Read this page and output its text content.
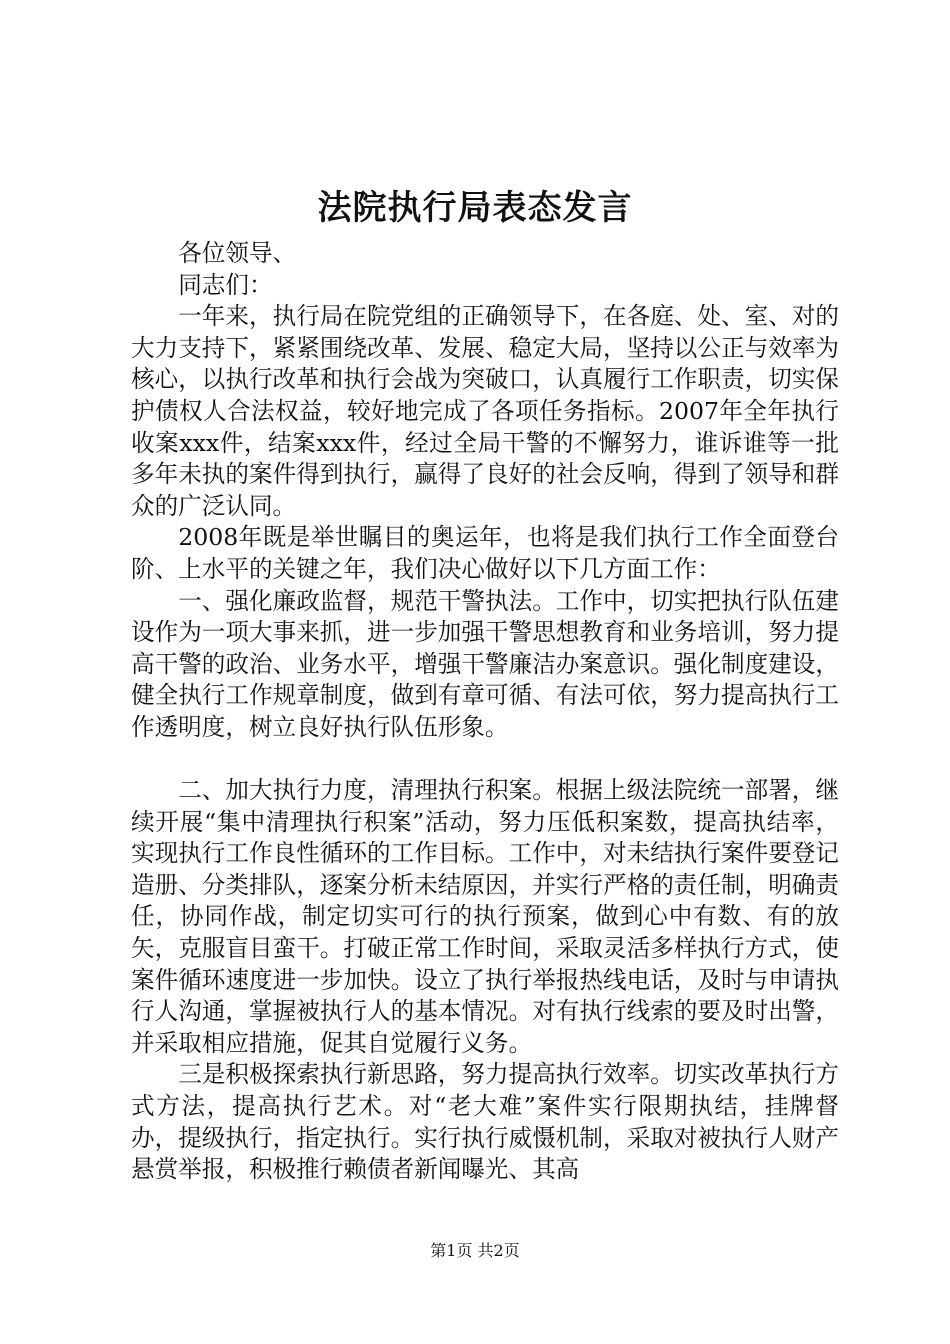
法院执行局表态发言

各位领导、

同志们：

一年来，执行局在院党组的正确领导下，在各庭、处、室、对的大力支持下，紧紧围绕改革、发展、稳定大局，坚持以公正与效率为核心，以执行改革和执行会战为突破口，认真履行工作职责，切实保护债权人合法权益，较好地完成了各项任务指标。2007年全年执行收案xxx件，结案xxx件，经过全局干警的不懈努力，谁诉谁等一批多年未执的案件得到执行，赢得了良好的社会反响，得到了领导和群众的广泛认同。

2008年既是举世瞩目的奥运年，也将是我们执行工作全面登台阶、上水平的关键之年，我们决心做好以下几方面工作：

一、强化廉政监督，规范干警执法。工作中，切实把执行队伍建设作为一项大事来抓，进一步加强干警思想教育和业务培训，努力提高干警的政治、业务水平，增强干警廉洁办案意识。强化制度建设，健全执行工作规章制度，做到有章可循、有法可依，努力提高执行工作透明度，树立良好执行队伍形象。

二、加大执行力度，清理执行积案。根据上级法院统一部署，继续开展“集中清理执行积案”活动，努力压低积案数，提高执结率，实现执行工作良性循环的工作目标。工作中，对未结执行案件要登记造册、分类排队，逐案分析未结原因，并实行严格的责任制，明确责任，协同作战，制定切实可行的执行预案，做到心中有数、有的放矢，克服盲目蛮干。打破正常工作时间，采取灵活多样执行方式，使案件循环速度进一步加快。设立了执行举报热线电话，及时与申请执行人沟通，掌握被执行人的基本情况。对有执行线索的要及时出警，并采取相应措施，促其自觉履行义务。

三是积极探索执行新思路，努力提高执行效率。切实改革执行方式方法，提高执行艺术。对“老大难”案件实行限期执结，挂牌督办，提级执行，指定执行。实行执行威慑机制，采取对被执行人财产悬赏举报，积极推行赖债者新闻曝光、其高

第1页 共2页
